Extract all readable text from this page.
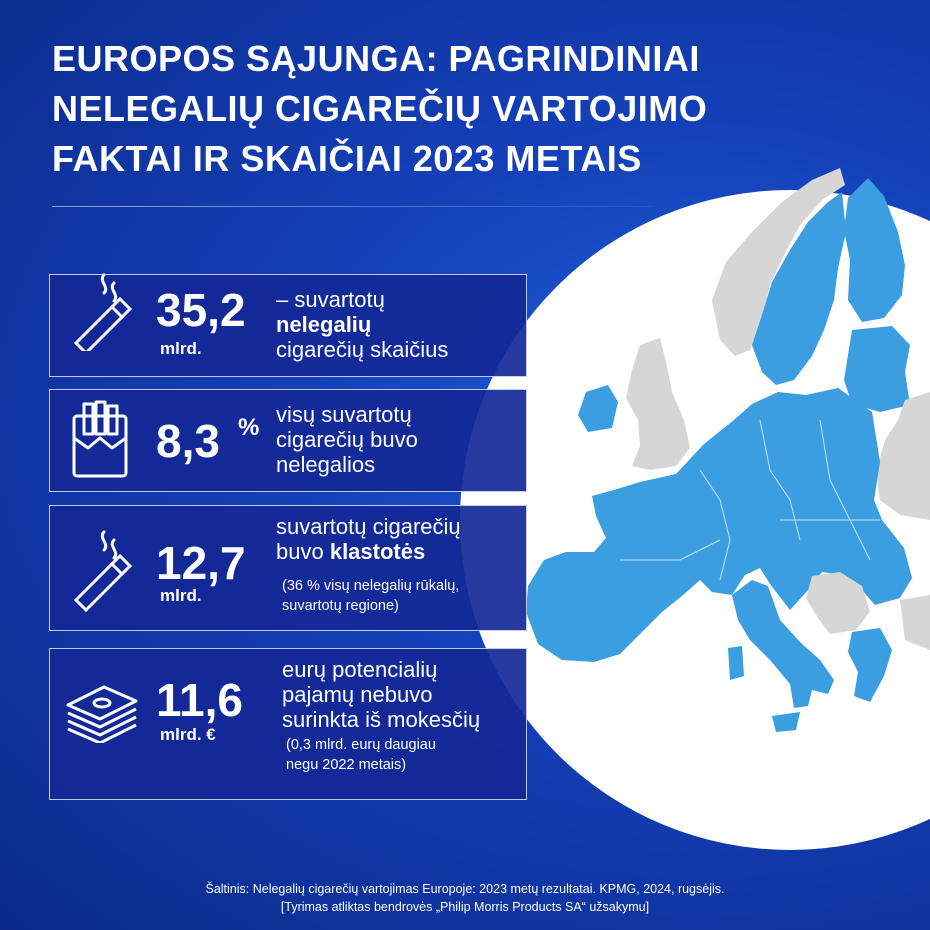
EUROPOS SĄJUNGA: PAGRINDINIAI
NELEGALIŲ CIGAREČIŲ VARTOJIMO
FAKTAI IR SKAIČIAI 2023 METAIS
35,2
mlrd.
– suvartotų
nelegalių
cigarečių skaičius
8,3 % visų suvartotų
cigarečių buvo
nelegalios
12,7
mlrd.
suvartotų cigarečių
buvo klastotės
(36 % visų nelegalių rūkalų,
suvartotų regione)
11,6
mlrd. €
eurų potencialių
pajamų nebuvo
surinkta iš mokesčių
(0,3 mlrd. eurų daugiau
negu 2022 metais)
Šaltinis: Nelegalių cigarečių vartojimas Europoje: 2023 metų rezultatai. KPMG, 2024, rugsėjis.
[Tyrimas atliktas bendrovės „Philip Morris Products SA“ užsakymu]
